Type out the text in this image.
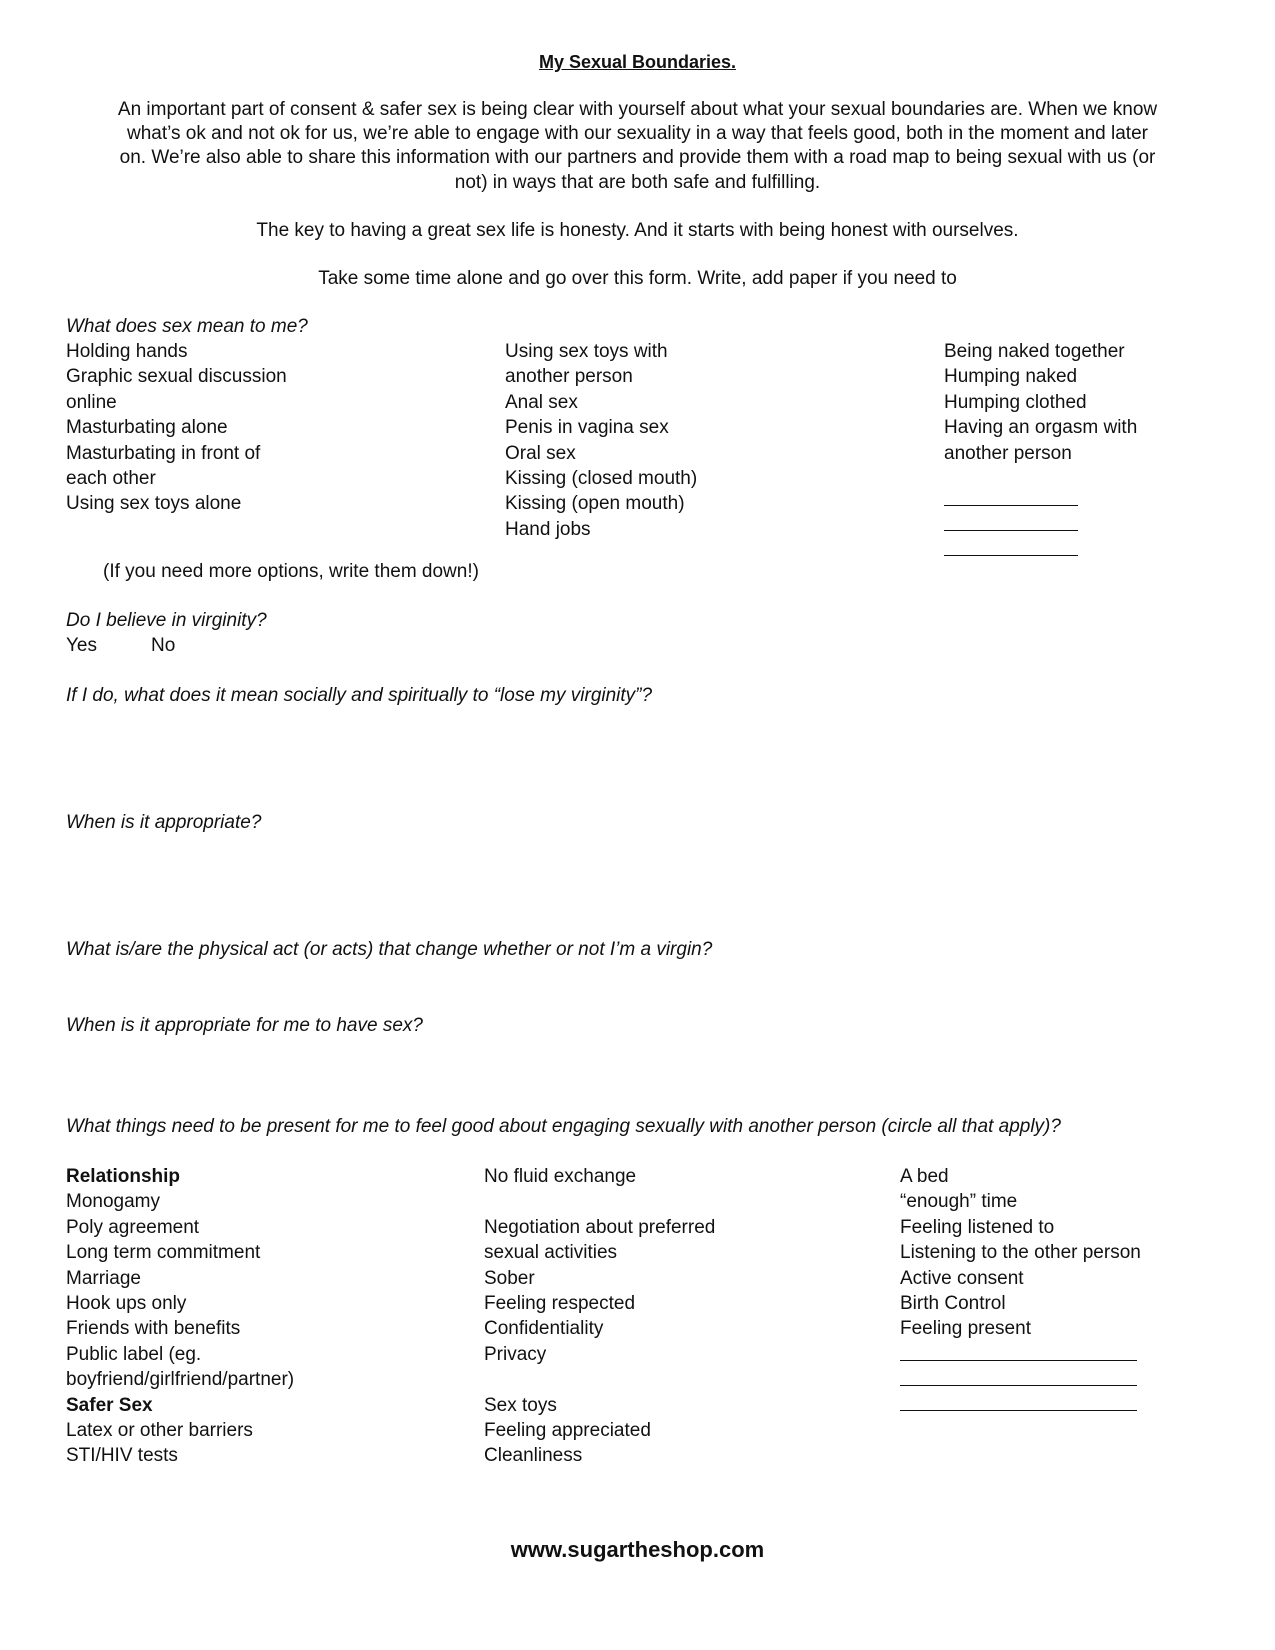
My Sexual Boundaries.
An important part of consent & safer sex is being clear with yourself about what your sexual boundaries are. When we know
what’s ok and not ok for us, we’re able to engage with our sexuality in a way that feels good, both in the moment and later
on. We’re also able to share this information with our partners and provide them with a road map to being sexual with us (or
not) in ways that are both safe and fulfilling.
The key to having a great sex life is honesty. And it starts with being honest with ourselves.
Take some time alone and go over this form. Write, add paper if you need to
What does sex mean to me?
Holding hands
Graphic sexual discussion
online
Masturbating alone
Masturbating in front of
each other
Using sex toys alone
Using sex toys with
another person
Anal sex
Penis in vagina sex
Oral sex
Kissing (closed mouth)
Kissing (open mouth)
Hand jobs
Being naked together
Humping naked
Humping clothed
Having an orgasm with
another person
(If you need more options, write them down!)
Do I believe in virginity?
Yes	No
If I do, what does it mean socially and spiritually to “lose my virginity”?
When is it appropriate?
What is/are the physical act (or acts) that change whether or not I’m a virgin?
When is it appropriate for me to have sex?
What things need to be present for me to feel good about engaging sexually with another person (circle all that apply)?
Relationship
Monogamy
Poly agreement
Long term commitment
Marriage
Hook ups only
Friends with benefits
Public label (eg.
boyfriend/girlfriend/partner)
Safer Sex
Latex or other barriers
STI/HIV tests
No fluid exchange
Negotiation about preferred
sexual activities
Sober
Feeling respected
Confidentiality
Privacy
Sex toys
Feeling appreciated
Cleanliness
A bed
“enough” time
Feeling listened to
Listening to the other person
Active consent
Birth Control
Feeling present
www.sugartheshop.com
